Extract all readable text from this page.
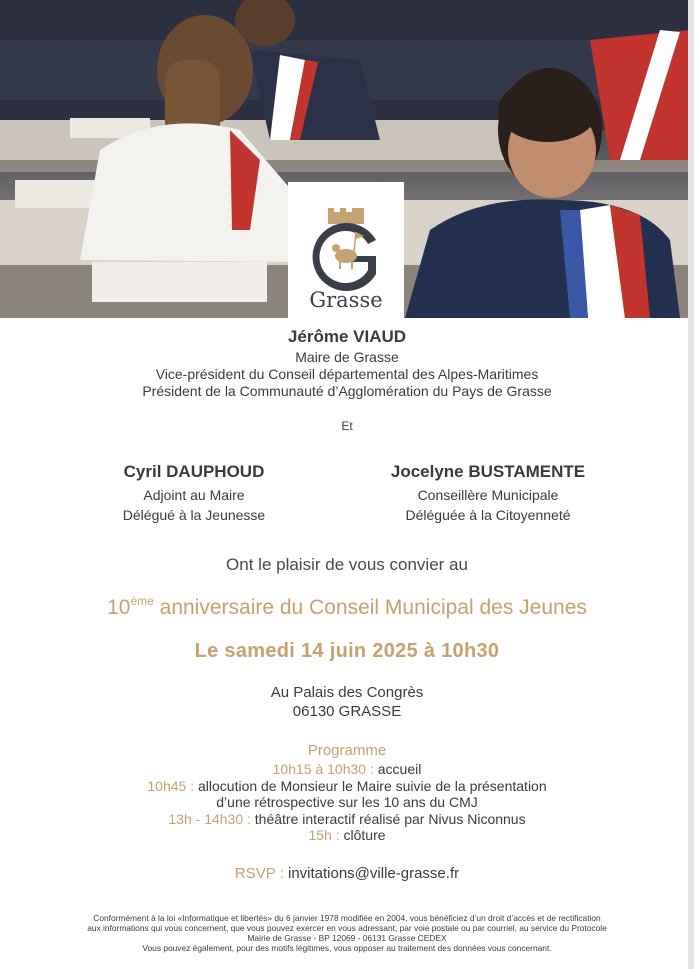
Grasse
Jérôme VIAUD
Maire de Grasse
Vice-président du Conseil départemental des Alpes-Maritimes
Président de la Communauté d’Agglomération du Pays de Grasse
Et
Cyril DAUPHOUD
Adjoint au Maire
Délégué à la Jeunesse
Jocelyne BUSTAMENTE
Conseillère Municipale
Déléguée à la Citoyenneté
Ont le plaisir de vous convier au
10ème anniversaire du Conseil Municipal des Jeunes
Le samedi 14 juin 2025 à 10h30
Au Palais des Congrès
06130 GRASSE
Programme
10h15 à 10h30 : accueil
10h45 : allocution de Monsieur le Maire suivie de la présentation
d’une rétrospective sur les 10 ans du CMJ
13h - 14h30 : théâtre interactif réalisé par Nivus Niconnus
15h : clôture
RSVP : invitations@ville-grasse.fr
Conformément à la loi «Informatique et libertés» du 6 janvier 1978 modifiée en 2004, vous bénéficiez d’un droit d’accès et de rectification
aux informations qui vous concernent, que vous pouvez exercer en vous adressant, par voie postale ou par courriel, au service du Protocole
Mairie de Grasse - BP 12069 - 06131 Grasse CEDEX
Vous pouvez également, pour des motifs légitimes, vous opposer au traitement des données vous concernant.
